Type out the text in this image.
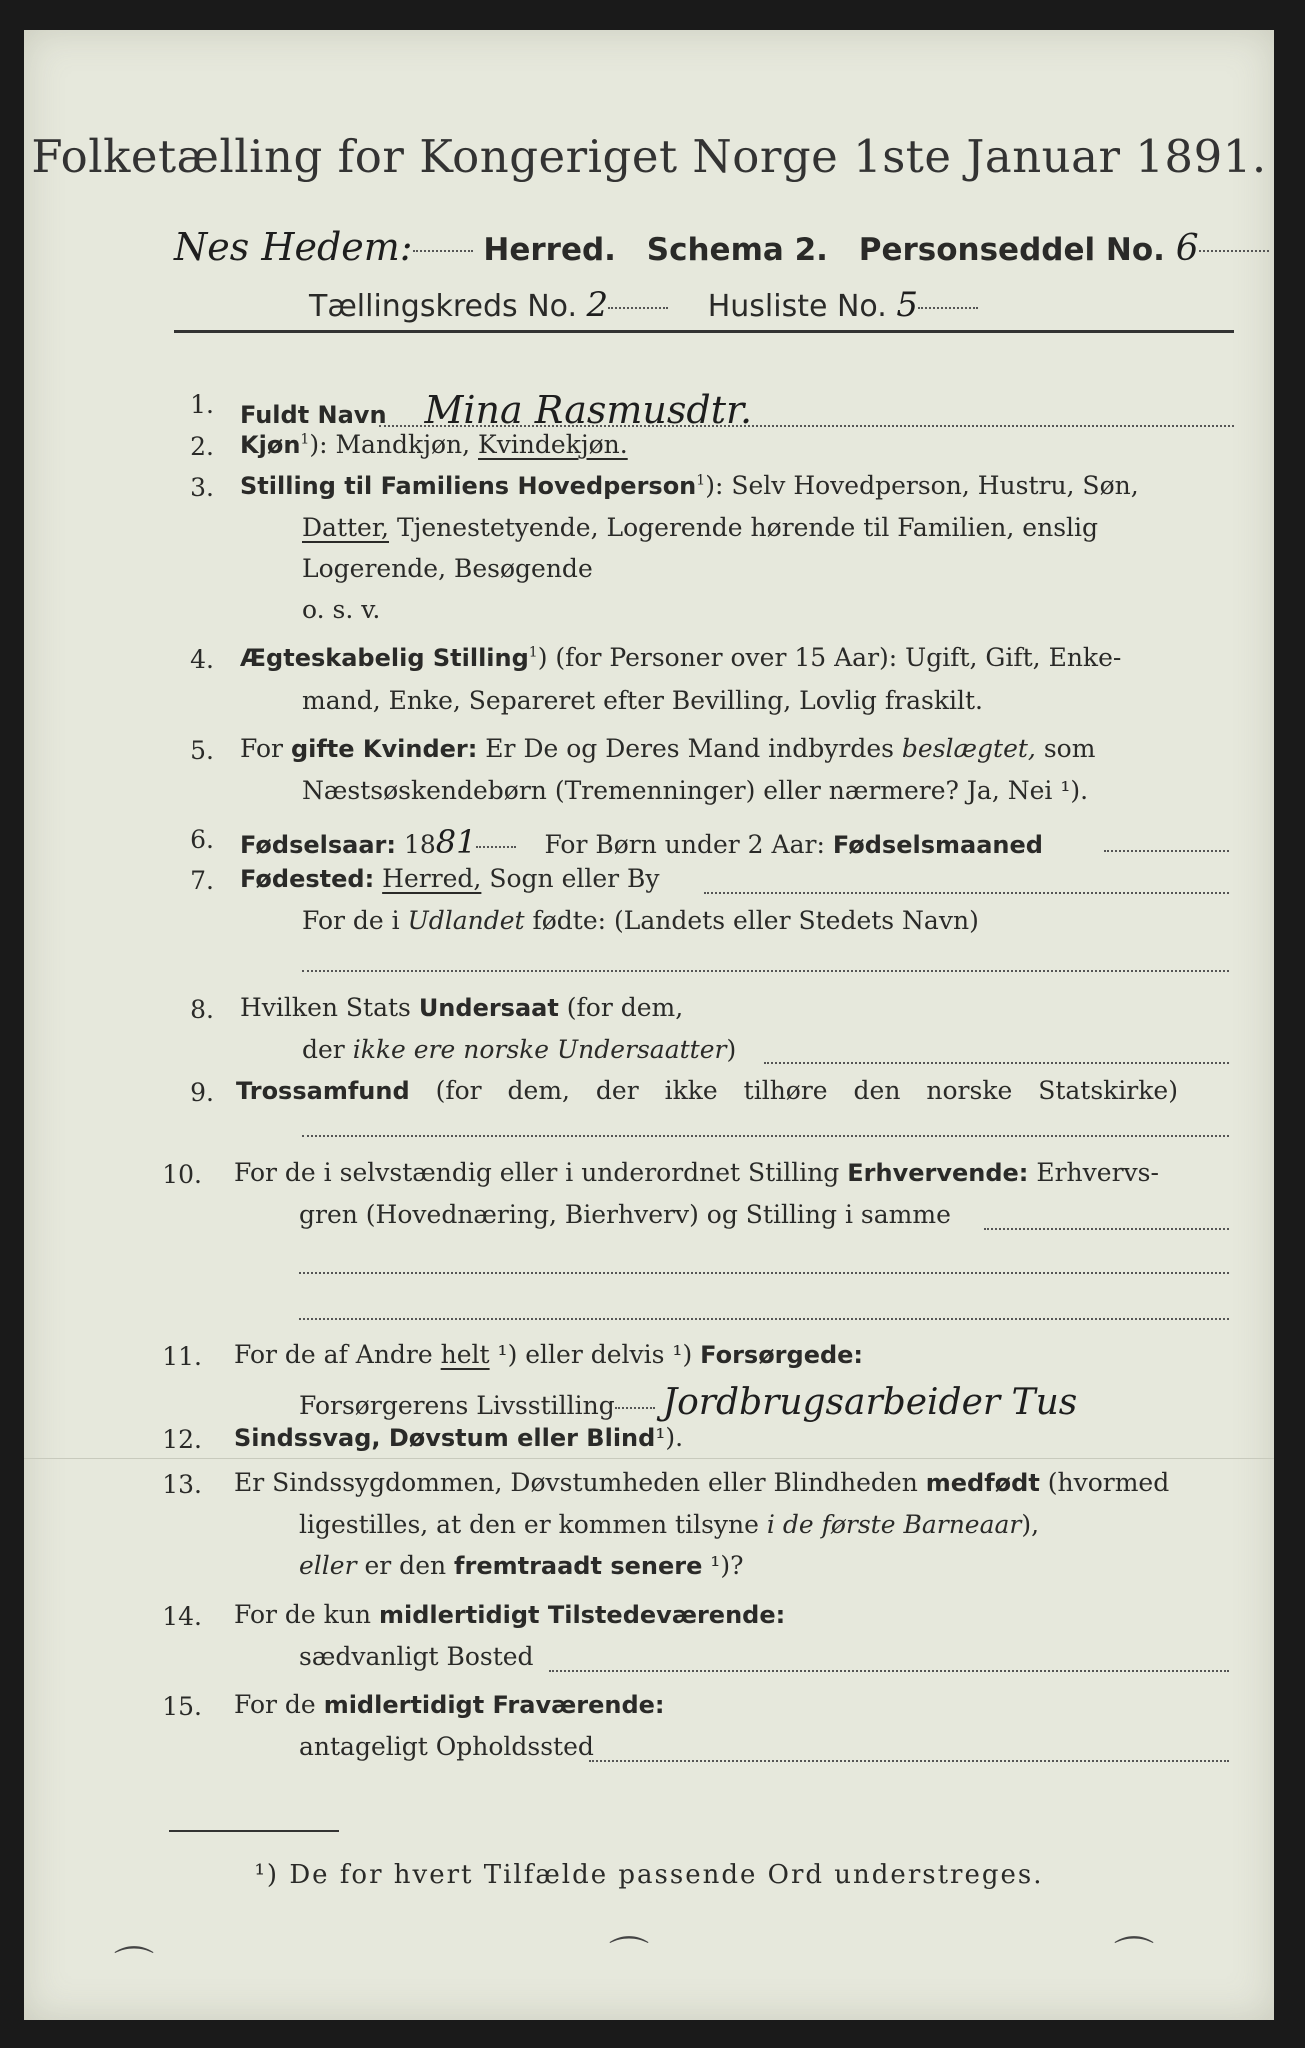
Folketælling for Kongeriget Norge 1ste Januar 1891.
Nes Hedem: Herred. Schema 2. Personseddel No. 6
Tællingskreds No. 2	Husliste No. 5
1. Fuldt Navn Mina Rasmusdtr.
2. Kjøn$^1$): Mandkjøn, Kvindekjøn.
3. Stilling til Familiens Hovedperson$^1$): Selv Hovedperson, Hustru, Søn,
Datter, Tjenestetyende, Logerende hørende til Familien, enslig
Logerende, Besøgende
o. s. v.
4. Ægteskabelig Stilling$^1$) (for Personer over 15 Aar): Ugift, Gift, Enke-
mand, Enke, Separeret efter Bevilling, Lovlig fraskilt.
5. For gifte Kvinder: Er De og Deres Mand indbyrdes beslægtet, som
Næstsøskendebørn (Tremenninger) eller nærmere? Ja, Nei ¹).
6. Fødselsaar: 1881	For Børn under 2 Aar: Fødselsmaaned
7. Fødested: Herred, Sogn eller By
For de i Udlandet fødte: (Landets eller Stedets Navn)
8. Hvilken Stats Undersaat (for dem,
der ikke ere norske Undersaatter)
9. Trossamfund (for dem, der ikke tilhøre den norske Statskirke)
10. For de i selvstændig eller i underordnet Stilling Erhvervende: Erhvervs-
gren (Hovednæring, Bierhverv) og Stilling i samme
11. For de af Andre helt ¹) eller delvis ¹) Forsørgede:
Forsørgerens Livsstilling Jordbrugsarbeider Tus
12. Sindssvag, Døvstum eller Blind¹).
13. Er Sindssygdommen, Døvstumheden eller Blindheden medfødt (hvormed
ligestilles, at den er kommen tilsyne i de første Barneaar),
eller er den fremtraadt senere ¹)?
14. For de kun midlertidigt Tilstedeværende:
sædvanligt Bosted
15. For de midlertidigt Fraværende:
antageligt Opholdssted
¹) De for hvert Tilfælde passende Ord understreges.
⌒	⌒	⌒
